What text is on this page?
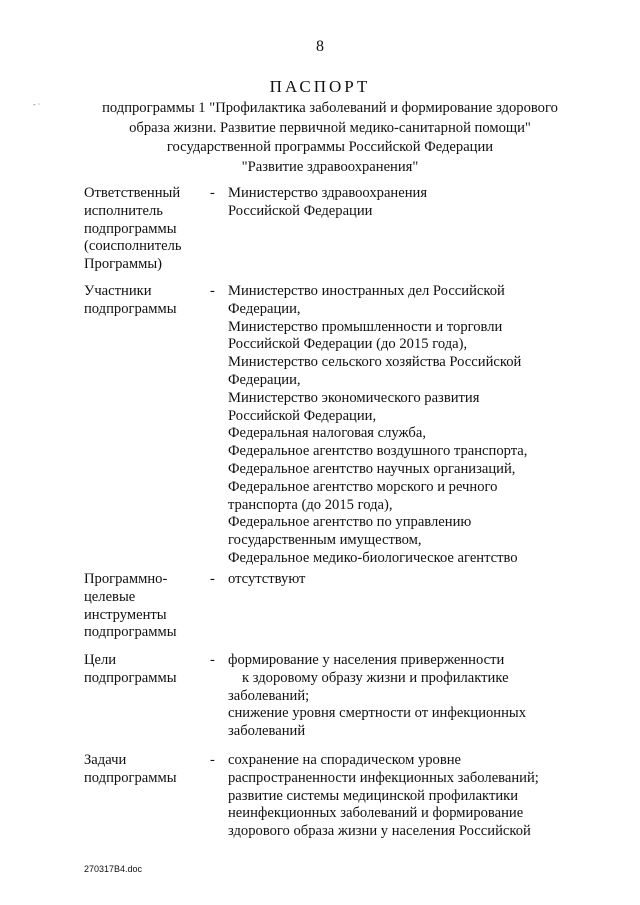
- ·
8
ПАСПОРТ
подпрограммы 1 "Профилактика заболеваний и формирование здорового
образа жизни. Развитие первичной медико-санитарной помощи"
государственной программы Российской Федерации
"Развитие здравоохранения"
Ответственный
исполнитель
подпрограммы
(соисполнитель
Программы)
- Министерство здравоохранения
Российской Федерации
Участники
подпрограммы
- Министерство иностранных дел Российской
Федерации,
Министерство промышленности и торговли
Российской Федерации (до 2015 года),
Министерство сельского хозяйства Российской
Федерации,
Министерство экономического развития
Российской Федерации,
Федеральная налоговая служба,
Федеральное агентство воздушного транспорта,
Федеральное агентство научных организаций,
Федеральное агентство морского и речного
транспорта (до 2015 года),
Федеральное агентство по управлению
государственным имуществом,
Федеральное медико-биологическое агентство
Программно-
целевые
инструменты
подпрограммы
- отсутствуют
Цели
подпрограммы
- формирование у населения приверженности
к здоровому образу жизни и профилактике
заболеваний;
снижение уровня смертности от инфекционных
заболеваний
Задачи
подпрограммы
- сохранение на спорадическом уровне
распространенности инфекционных заболеваний;
развитие системы медицинской профилактики
неинфекционных заболеваний и формирование
здорового образа жизни у населения Российской
270317B4.doc
